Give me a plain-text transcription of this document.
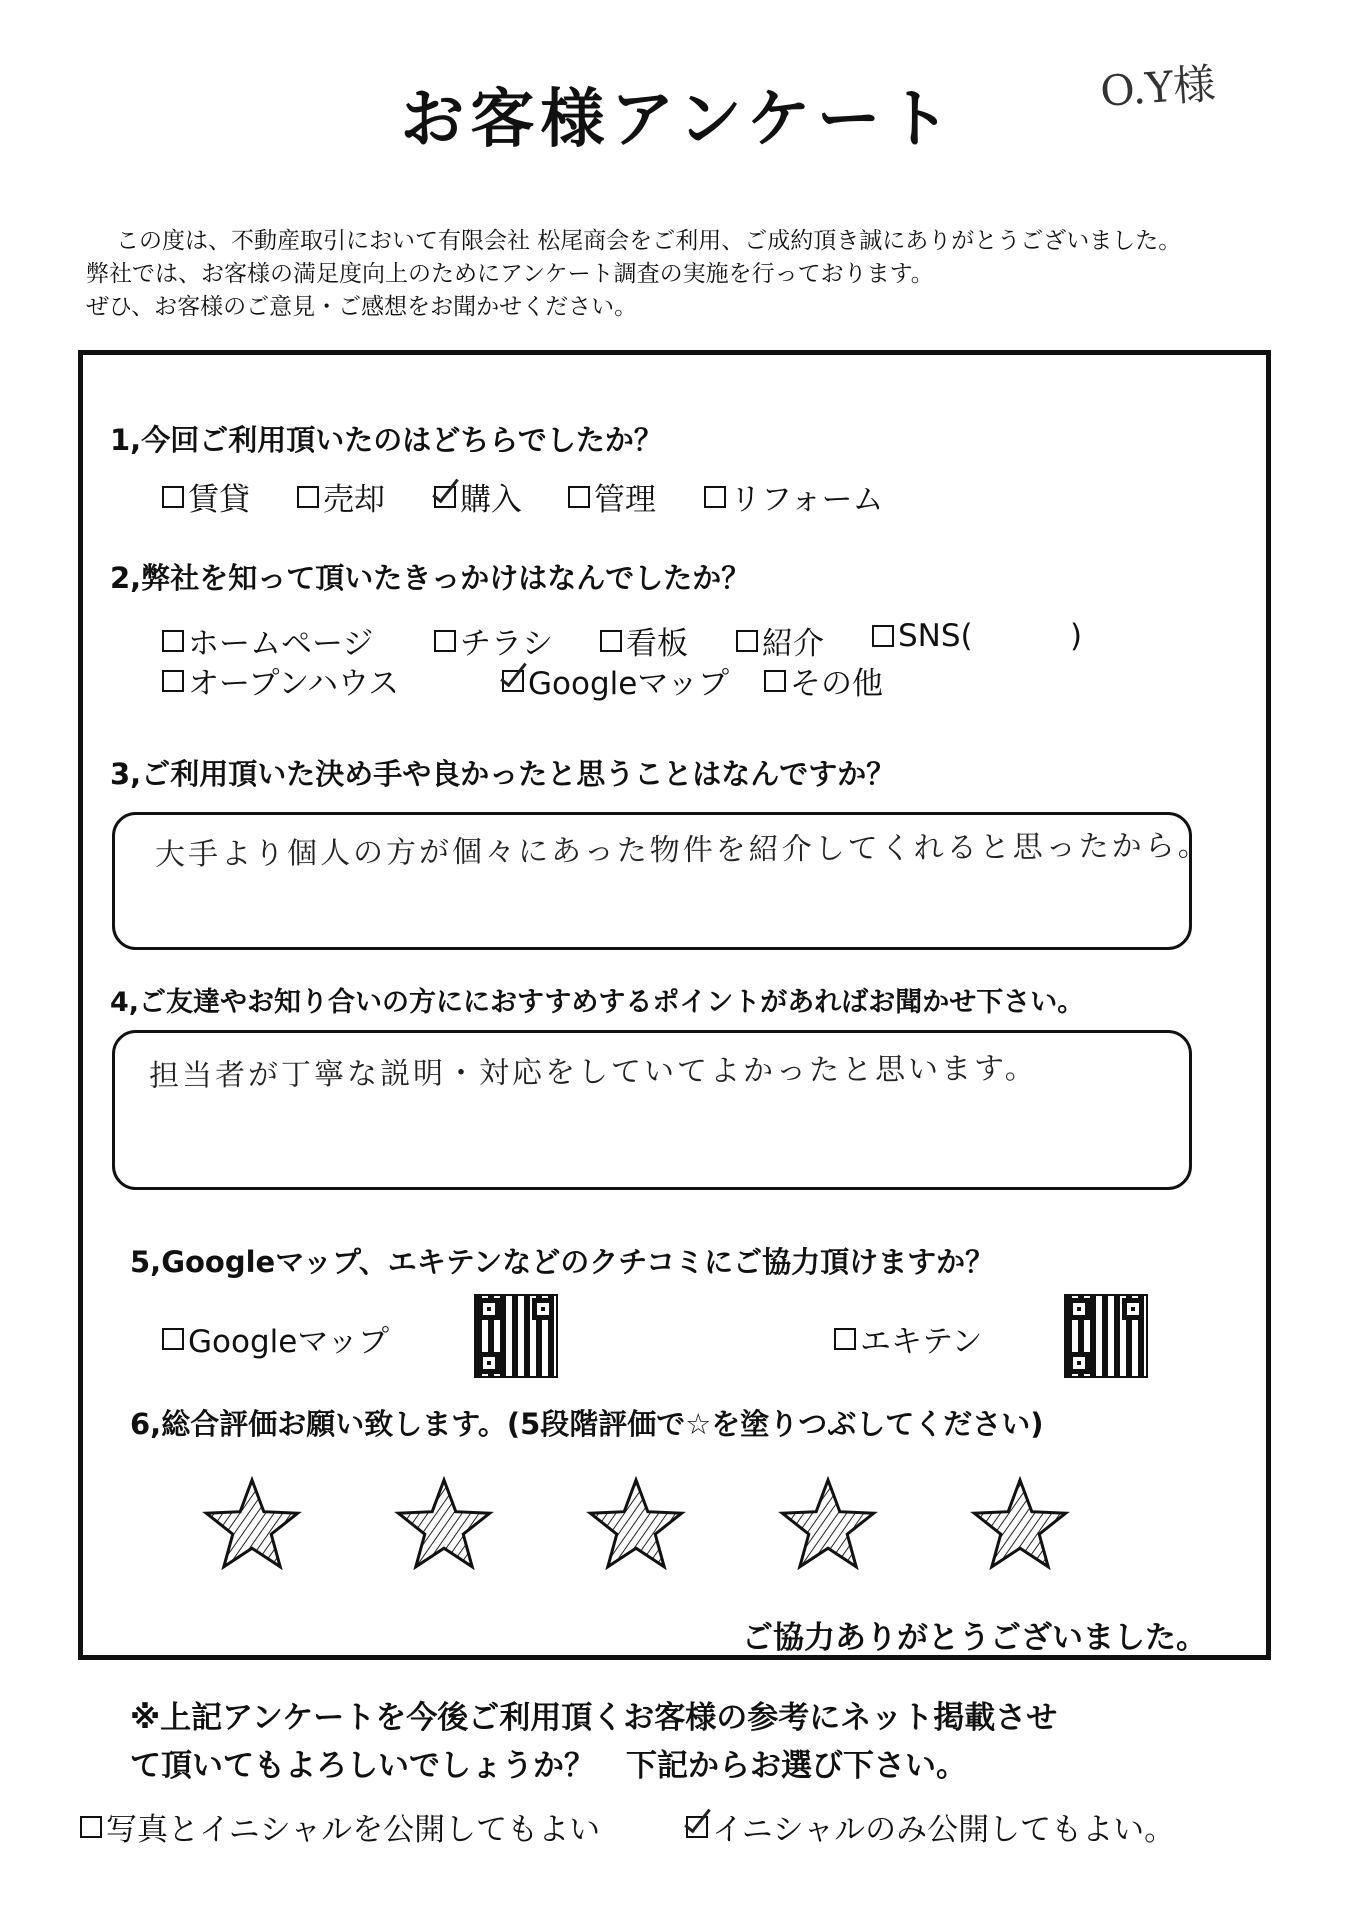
お客様アンケート	O.Y様
この度は、不動産取引において有限会社 松尾商会をご利用、ご成約頂き誠にありがとうございました。
弊社では、お客様の満足度向上のためにアンケート調査の実施を行っております。
ぜひ、お客様のご意見・ご感想をお聞かせください。
1,今回ご利用頂いたのはどちらでしたか？
賃貸 売却 購入 管理 リフォーム
2,弊社を知って頂いたきっかけはなんでしたか？
ホームページ	チラシ 看板 紹介 SNS(	)
オープンハウス	Googleマップ その他
3,ご利用頂いた決め手や良かったと思うことはなんですか？
大手より個人の方が個々にあった物件を紹介してくれると思ったから。
4,ご友達やお知り合いの方ににおすすめするポイントがあればお聞かせ下さい。
担当者が丁寧な説明・対応をしていてよかったと思います。
5,Googleマップ、エキテンなどのクチコミにご協力頂けますか？
Googleマップ	エキテン
6,総合評価お願い致します。(5段階評価で☆を塗りつぶしてください)
ご協力ありがとうございました。
※上記アンケートを今後ご利用頂くお客様の参考にネット掲載させ
て頂いてもよろしいでしょうか？　下記からお選び下さい。
写真とイニシャルを公開してもよい	イニシャルのみ公開してもよい。
